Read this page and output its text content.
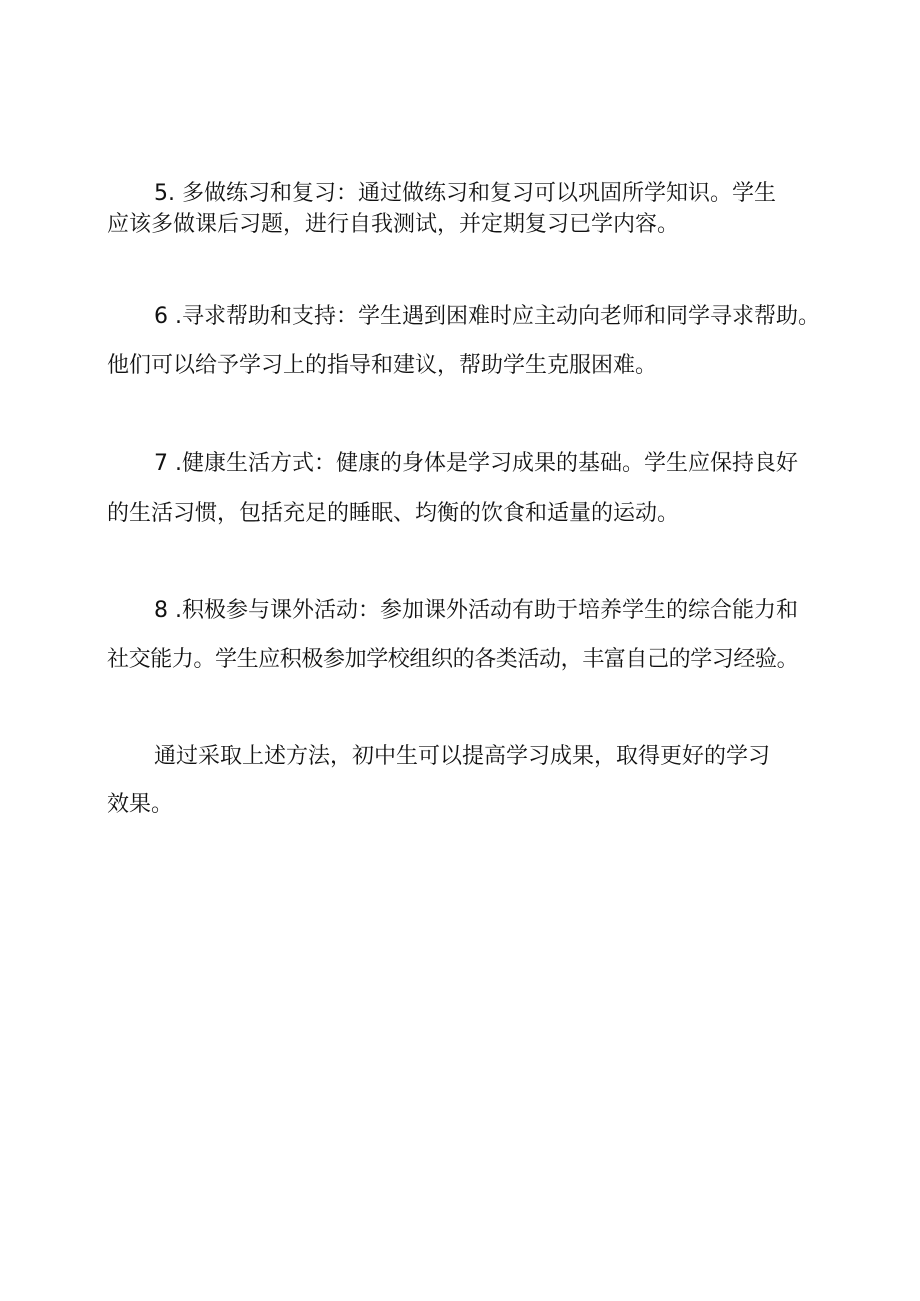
5. 多做练习和复习：通过做练习和复习可以巩固所学知识。学生

应该多做课后习题，进行自我测试，并定期复习已学内容。

6 .寻求帮助和支持：学生遇到困难时应主动向老师和同学寻求帮助。

他们可以给予学习上的指导和建议，帮助学生克服困难。

7 .健康生活方式：健康的身体是学习成果的基础。学生应保持良好

的生活习惯，包括充足的睡眠、均衡的饮食和适量的运动。

8 .积极参与课外活动：参加课外活动有助于培养学生的综合能力和

社交能力。学生应积极参加学校组织的各类活动，丰富自己的学习经验。

通过采取上述方法，初中生可以提高学习成果，取得更好的学习

效果。
